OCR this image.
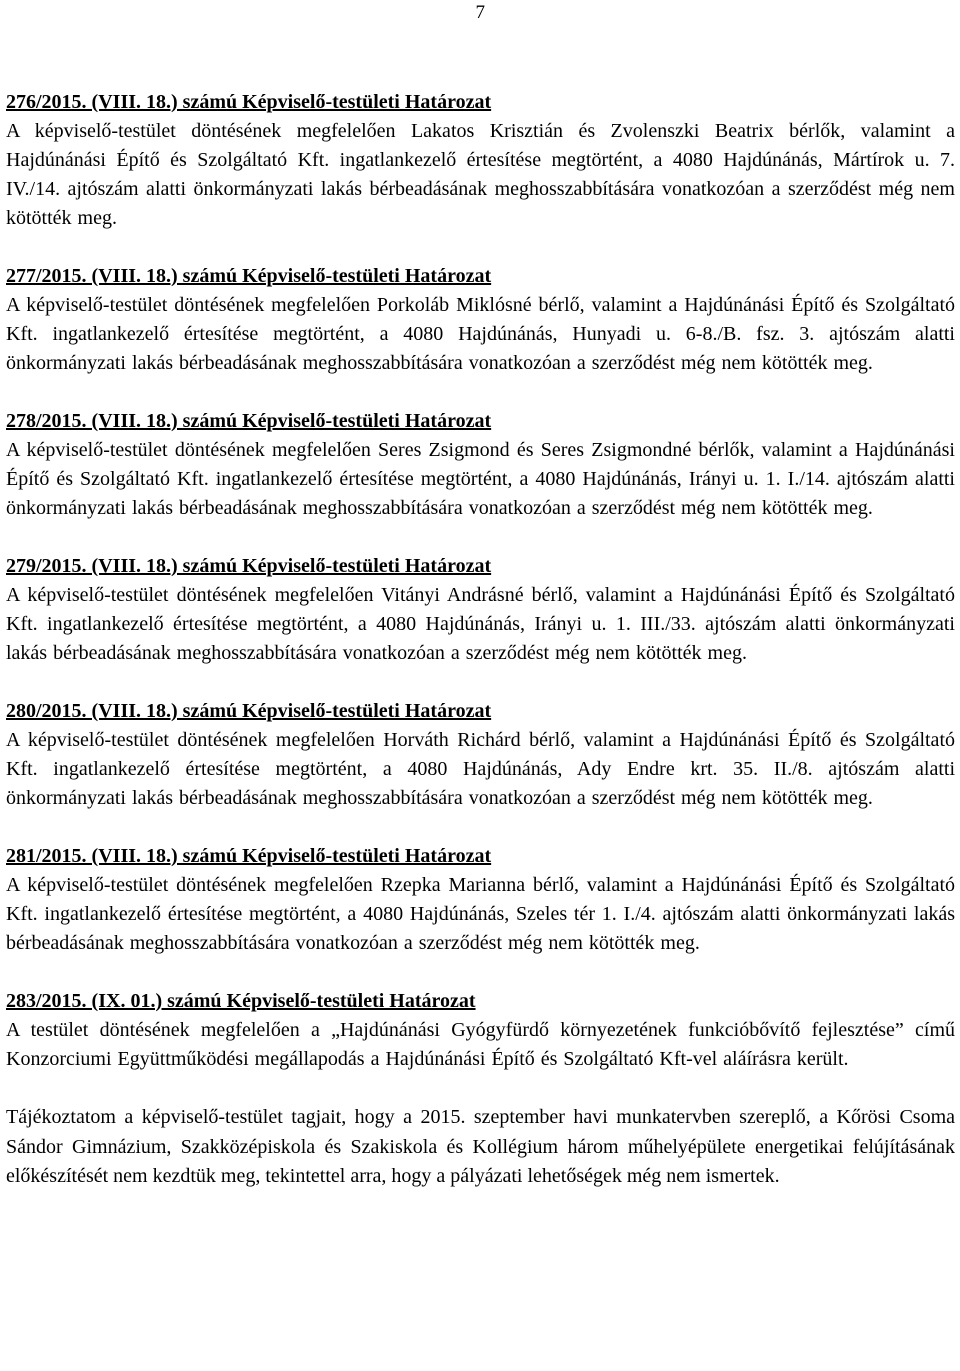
7

276/2015. (VIII. 18.) számú Képviselő-testületi Határozat

A képviselő-testület döntésének megfelelően Lakatos Krisztián és Zvolenszki Beatrix bérlők, valamint a Hajdúnánási Építő és Szolgáltató Kft. ingatlankezelő értesítése megtörtént, a 4080 Hajdúnánás, Mártírok u. 7. IV./14. ajtószám alatti önkormányzati lakás bérbeadásának meghosszabbítására vonatkozóan a szerződést még nem kötötték meg.

277/2015. (VIII. 18.) számú Képviselő-testületi Határozat

A képviselő-testület döntésének megfelelően Porkoláb Miklósné bérlő, valamint a Hajdúnánási Építő és Szolgáltató Kft. ingatlankezelő értesítése megtörtént, a 4080 Hajdúnánás, Hunyadi u. 6-8./B. fsz. 3. ajtószám alatti önkormányzati lakás bérbeadásának meghosszabbítására vonatkozóan a szerződést még nem kötötték meg.

278/2015. (VIII. 18.) számú Képviselő-testületi Határozat

A képviselő-testület döntésének megfelelően Seres Zsigmond és Seres Zsigmondné bérlők, valamint a Hajdúnánási Építő és Szolgáltató Kft. ingatlankezelő értesítése megtörtént, a 4080 Hajdúnánás, Irányi u. 1. I./14. ajtószám alatti önkormányzati lakás bérbeadásának meghosszabbítására vonatkozóan a szerződést még nem kötötték meg.

279/2015. (VIII. 18.) számú Képviselő-testületi Határozat

A képviselő-testület döntésének megfelelően Vitányi Andrásné bérlő, valamint a Hajdúnánási Építő és Szolgáltató Kft. ingatlankezelő értesítése megtörtént, a 4080 Hajdúnánás, Irányi u. 1. III./33. ajtószám alatti önkormányzati lakás bérbeadásának meghosszabbítására vonatkozóan a szerződést még nem kötötték meg.

280/2015. (VIII. 18.) számú Képviselő-testületi Határozat

A képviselő-testület döntésének megfelelően Horváth Richárd bérlő, valamint a Hajdúnánási Építő és Szolgáltató Kft. ingatlankezelő értesítése megtörtént, a 4080 Hajdúnánás, Ady Endre krt. 35. II./8. ajtószám alatti önkormányzati lakás bérbeadásának meghosszabbítására vonatkozóan a szerződést még nem kötötték meg.

281/2015. (VIII. 18.) számú Képviselő-testületi Határozat

A képviselő-testület döntésének megfelelően Rzepka Marianna bérlő, valamint a Hajdúnánási Építő és Szolgáltató Kft. ingatlankezelő értesítése megtörtént, a 4080 Hajdúnánás, Szeles tér 1. I./4. ajtószám alatti önkormányzati lakás bérbeadásának meghosszabbítására vonatkozóan a szerződést még nem kötötték meg.

283/2015. (IX. 01.) számú Képviselő-testületi Határozat

A testület döntésének megfelelően a „Hajdúnánási Gyógyfürdő környezetének funkcióbővítő fejlesztése” című Konzorciumi Együttműködési megállapodás a Hajdúnánási Építő és Szolgáltató Kft-vel aláírásra került.

Tájékoztatom a képviselő-testület tagjait, hogy a 2015. szeptember havi munkatervben szereplő, a Kőrösi Csoma Sándor Gimnázium, Szakközépiskola és Szakiskola és Kollégium három műhelyépülete energetikai felújításának előkészítését nem kezdtük meg, tekintettel arra, hogy a pályázati lehetőségek még nem ismertek.
